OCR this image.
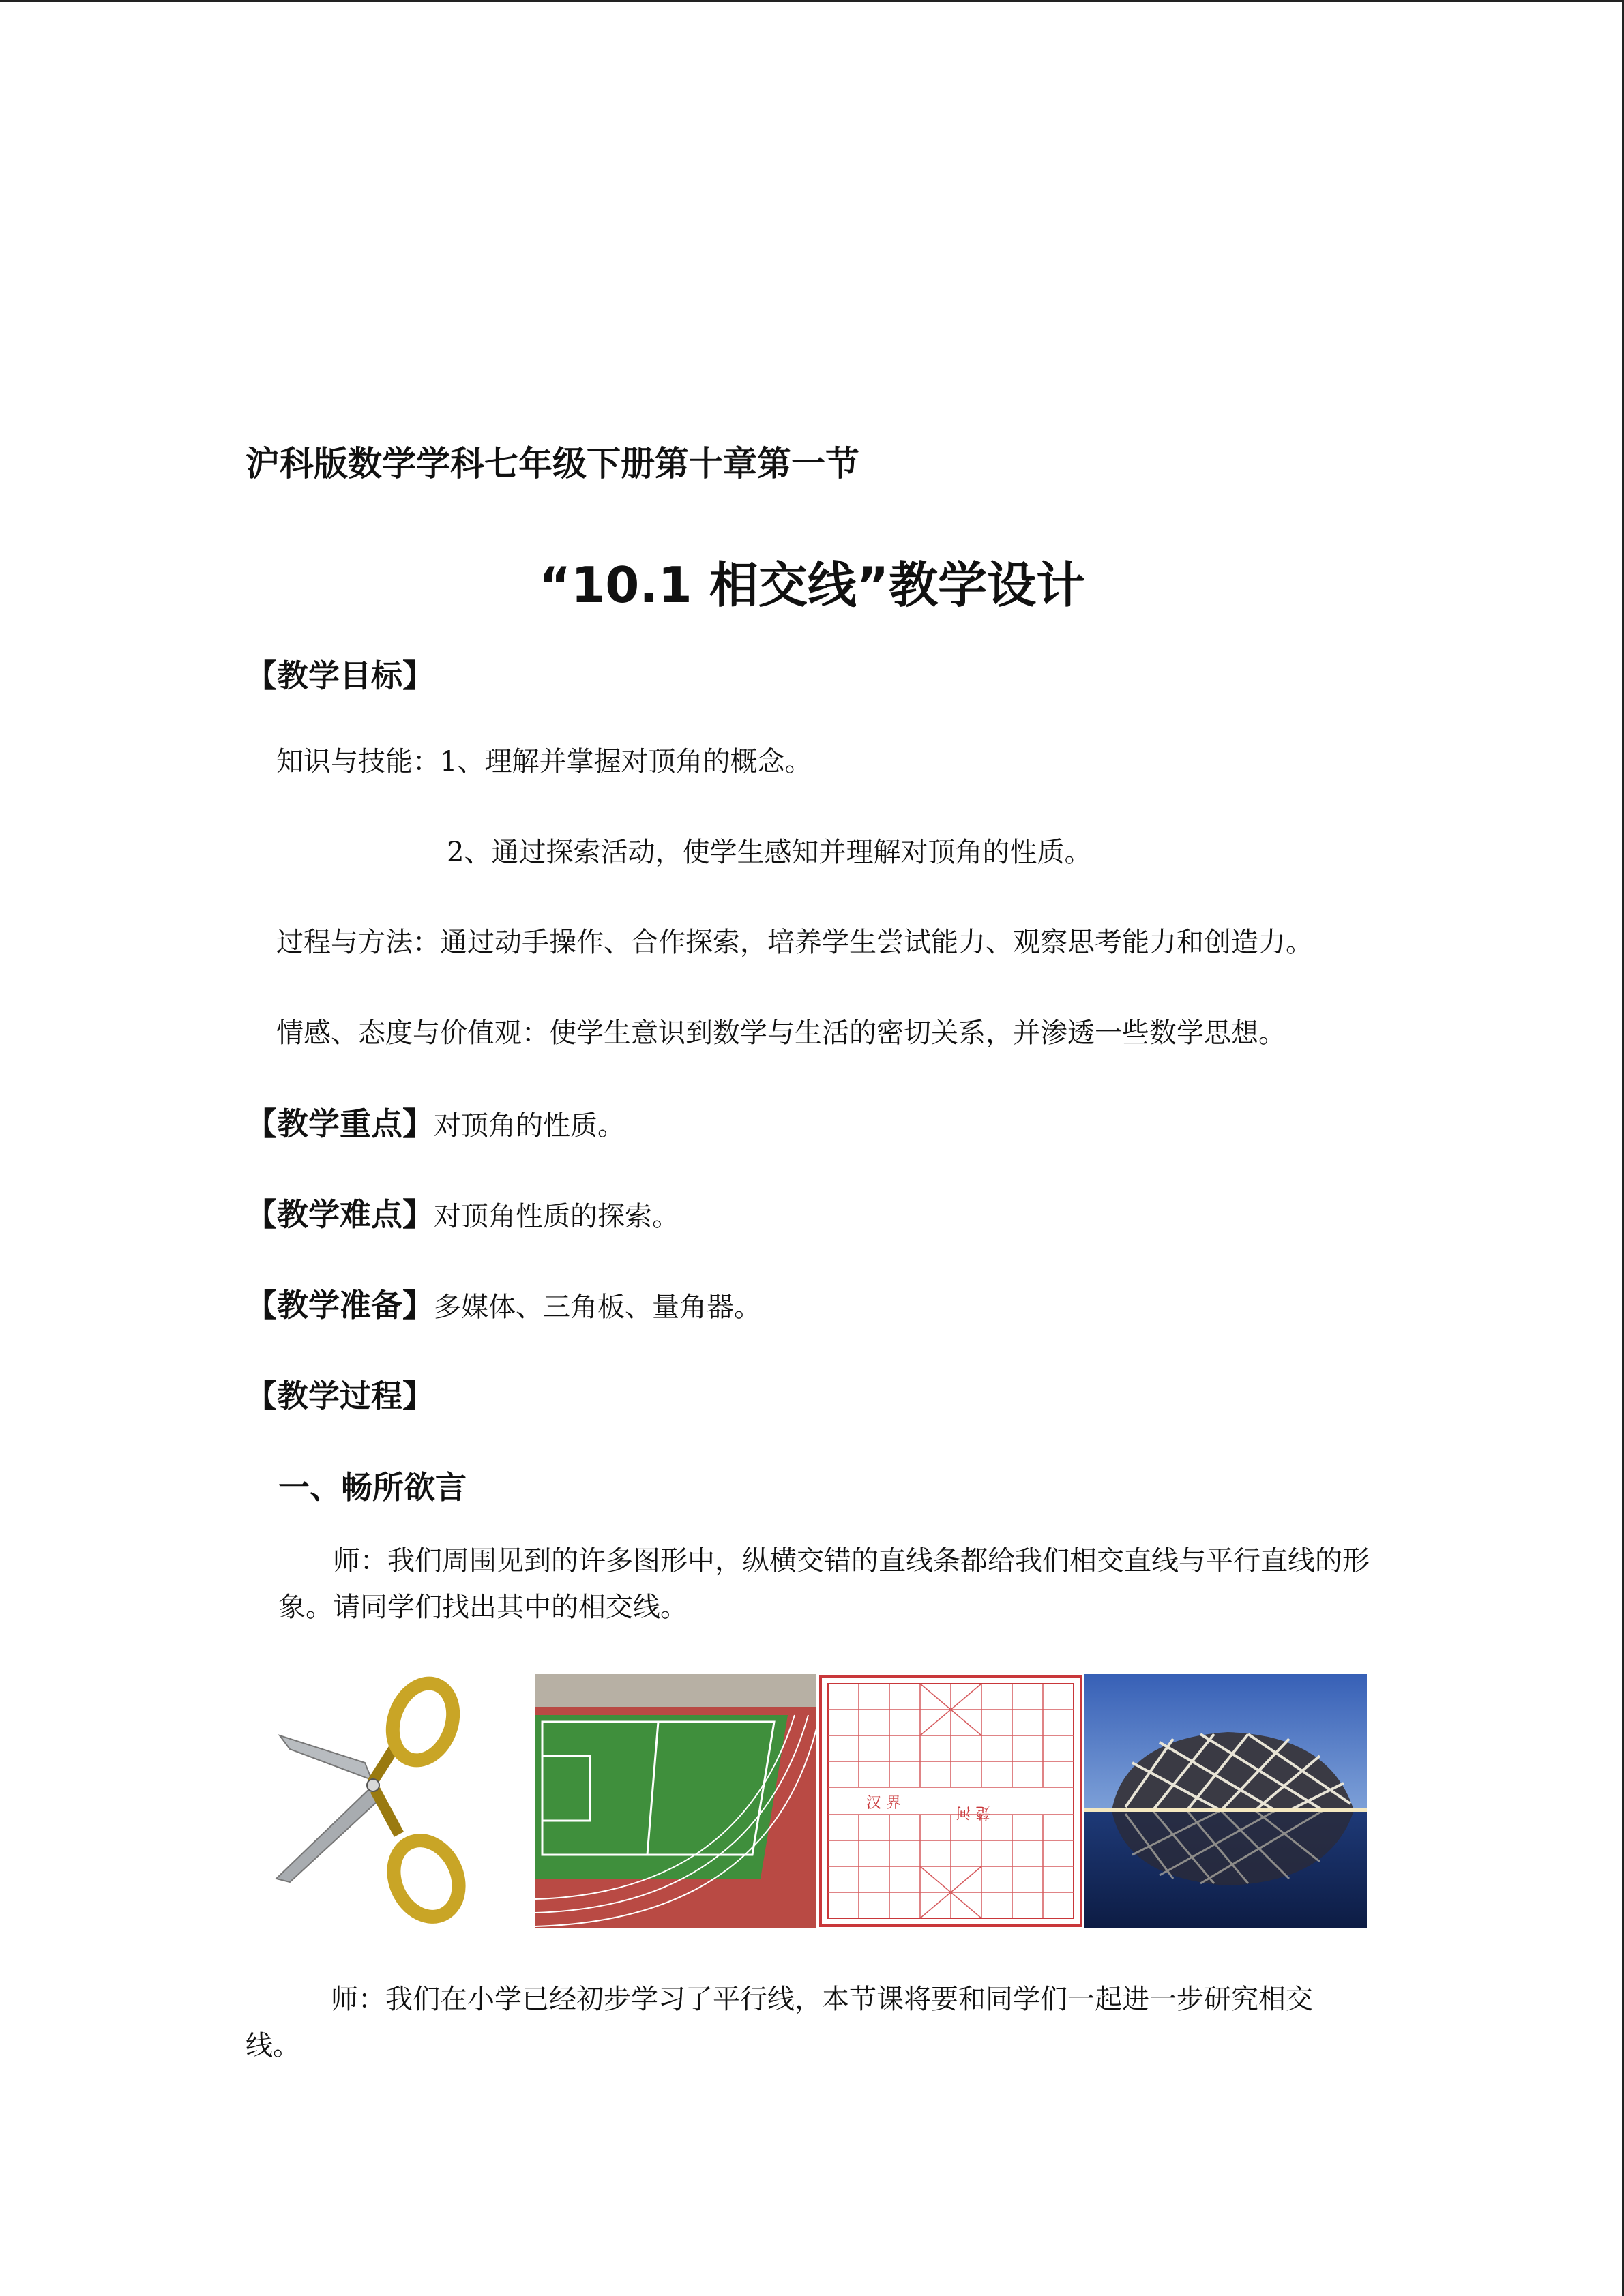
沪科版数学学科七年级下册第十章第一节
“10.1 相交线”教学设计
【教学目标】
知识与技能：1、理解并掌握对顶角的概念。
2、通过探索活动，使学生感知并理解对顶角的性质。
过程与方法：通过动手操作、合作探索，培养学生尝试能力、观察思考能力和创造力。
情感、态度与价值观：使学生意识到数学与生活的密切关系，并渗透一些数学思想。
【教学重点】对顶角的性质。
【教学难点】对顶角性质的探索。
【教学准备】多媒体、三角板、量角器。
【教学过程】
一、畅所欲言
师：我们周围见到的许多图形中，纵横交错的直线条都给我们相交直线与平行直线的形象。请同学们找出其中的相交线。
汉 界
楚 河
师：我们在小学已经初步学习了平行线，本节课将要和同学们一起进一步研究相交线。
